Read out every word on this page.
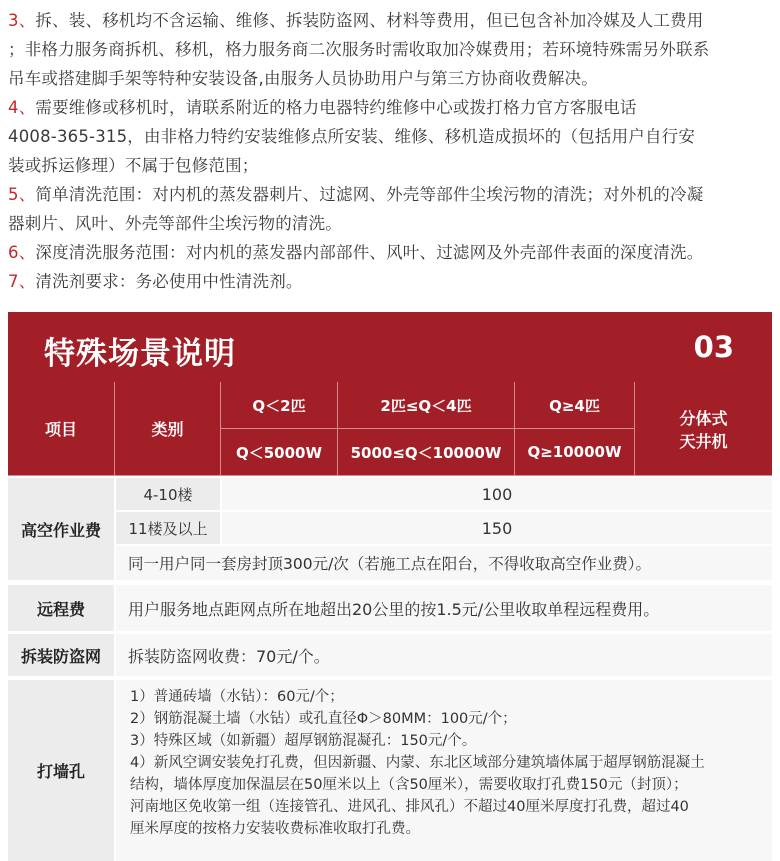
3、拆、装、移机均不含运输、维修、拆装防盗网、材料等费用，但已包含补加冷媒及人工费用
；非格力服务商拆机、移机，格力服务商二次服务时需收取加冷媒费用；若环境特殊需另外联系
吊车或搭建脚手架等特种安装设备,由服务人员协助用户与第三方协商收费解决。
4、需要维修或移机时，请联系附近的格力电器特约维修中心或拨打格力官方客服电话
4008-365-315，由非格力特约安装维修点所安装、维修、移机造成损坏的（包括用户自行安
装或拆运修理）不属于包修范围；
5、简单清洗范围：对内机的蒸发器刺片、过滤网、外壳等部件尘埃污物的清洗；对外机的冷凝
器刺片、风叶、外壳等部件尘埃污物的清洗。
6、深度清洗服务范围：对内机的蒸发器内部部件、风叶、过滤网及外壳部件表面的深度清洗。
7、清洗剂要求：务必使用中性清洗剂。
特殊场景说明	03
项目	类别
Q＜2匹	2匹≤Q＜4匹	Q≥4匹
Q＜5000W	5000≤Q＜10000W	Q≥10000W
分体式
天井机
高空作业费
4-10楼	100
11楼及以上	150
同一用户同一套房封顶300元/次（若施工点在阳台，不得收取高空作业费）。
远程费	用户服务地点距网点所在地超出20公里的按1.5元/公里收取单程远程费用。
拆装防盗网	拆装防盗网收费：70元/个。
打墙孔
1）普通砖墙（水钻）：60元/个；
2）钢筋混凝土墙（水钻）或孔直径Φ＞80MM：100元/个；
3）特殊区域（如新疆）超厚钢筋混凝孔：150元/个。
4）新风空调安装免打孔费，但因新疆、内蒙、东北区域部分建筑墙体属于超厚钢筋混凝土
结构，墙体厚度加保温层在50厘米以上（含50厘米），需要收取打孔费150元（封顶）；
河南地区免收第一组（连接管孔、进风孔、排风孔）不超过40厘米厚度打孔费，超过40
厘米厚度的按格力安装收费标准收取打孔费。
